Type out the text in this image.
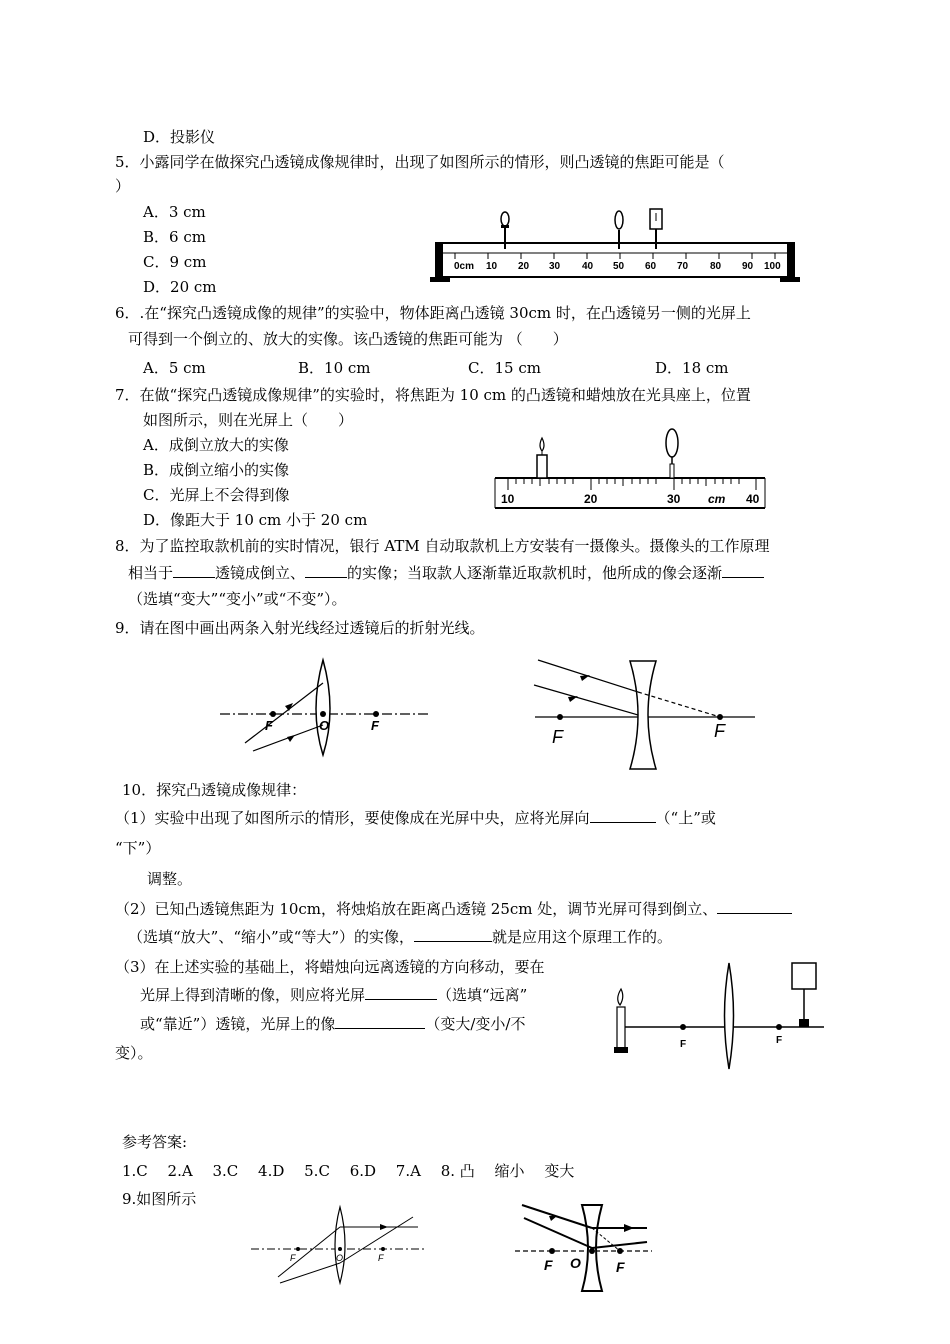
D．投影仪
5．小露同学在做探究凸透镜成像规律时，出现了如图所示的情形，则凸透镜的焦距可能是（
）
A．3 cm
B．6 cm
C．9 cm
D．20 cm
0cm 10 20 30 40 50 60 70 80 90 100
6．.在“探究凸透镜成像的规律”的实验中，物体距离凸透镜 30cm 时，在凸透镜另一侧的光屏上
可得到一个倒立的、放大的实像。该凸透镜的焦距可能为 （　　）
A．5 cm	B．10 cm	C．15 cm	D．18 cm
7．在做“探究凸透镜成像规律”的实验时，将焦距为 10 cm 的凸透镜和蜡烛放在光具座上，位置
如图所示，则在光屏上（　　）
A．成倒立放大的实像
B．成倒立缩小的实像
C．光屏上不会得到像
D．像距大于 10 cm 小于 20 cm
10	20	30 cm 40
8．为了监控取款机前的实时情况，银行 ATM 自动取款机上方安装有一摄像头。摄像头的工作原理
相当于	透镜成倒立、	的实像；当取款人逐渐靠近取款机时，他所成的像会逐渐
（选填“变大”“变小”或“不变”）。
9．请在图中画出两条入射光线经过透镜后的折射光线。
F	O	F
F	F
10．探究凸透镜成像规律：
（1）实验中出现了如图所示的情形，要使像成在光屏中央，应将光屏向	（“上”或
“下”）
调整。
（2）已知凸透镜焦距为 10cm，将烛焰放在距离凸透镜 25cm 处，调节光屏可得到倒立、
（选填“放大”、“缩小”或“等大”）的实像，	就是应用这个原理工作的。
（3）在上述实验的基础上，将蜡烛向远离透镜的方向移动，要在
光屏上得到清晰的像，则应将光屏	（选填“远离”
或“靠近”）透镜，光屏上的像	（变大/变小/不
变）。	F	F
参考答案:
1.C　 2.A　 3.C　 4.D　 5.C　 6.D　 7.A　 8. 凸　 缩小　 变大
9.如图所示
F	O	F	F O	F
